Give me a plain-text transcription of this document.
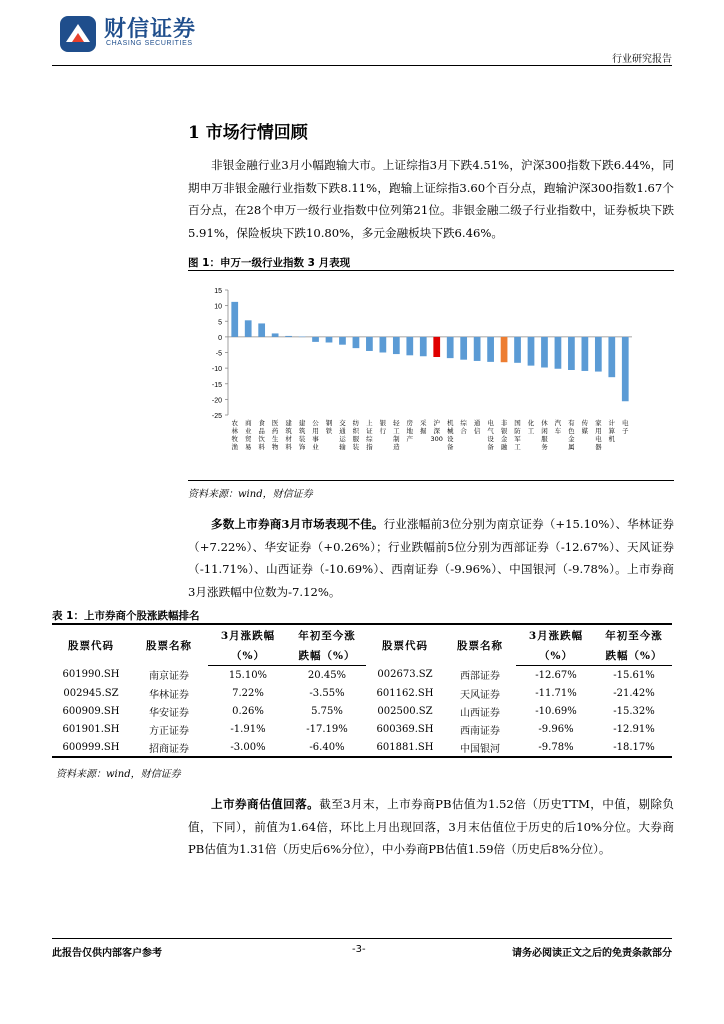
财信证券
CHASING SECURITIES
行业研究报告
1 市场行情回顾
非银金融行业3月小幅跑输大市。上证综指3月下跌4.51%，沪深300指数下跌6.44%，同期申万非银金融行业指数下跌8.11%，跑输上证综指3.60个百分点，跑输沪深300指数1.67个百分点，在28个申万一级行业指数中位列第21位。非银金融二级子行业指数中，证券板块下跌5.91%，保险板块下跌10.80%，多元金融板块下跌6.46%。
图 1：申万一级行业指数 3 月表现
15
10
5
0
-5
-10
-15
-20
-25
农林牧渔
商业贸易
食品饮料
医药生物
建筑材料
建筑装饰
公用事业
钢铁
交通运输
纺织服装
上证综指
银行
轻工制造
房地产
采掘
沪深 300
机械设备
综合
通信
电气设备
非银金融
国防军工
化工
休闲服务
汽车
有色金属
传媒
家用电器
计算机
电子
资料来源：wind，财信证券
多数上市券商3月市场表现不佳。行业涨幅前3位分别为南京证券（+15.10%）、华林证券（+7.22%）、华安证券（+0.26%）；行业跌幅前5位分别为西部证券（-12.67%）、天风证券（-11.71%）、山西证券（-10.69%）、西南证券（-9.96%）、中国银河（-9.78%）。上市券商3月涨跌幅中位数为-7.12%。
表 1：上市券商个股涨跌幅排名
股票代码	股票名称	3月涨跌幅	年初至今涨	股票代码	股票名称	3月涨跌幅	年初至今涨
		（%）	跌幅（%）			（%）	跌幅（%）
601990.SH	南京证券	15.10%	20.45%	002673.SZ	西部证券	-12.67%	-15.61%
002945.SZ	华林证券	7.22%	-3.55%	601162.SH	天风证券	-11.71%	-21.42%
600909.SH	华安证券	0.26%	5.75%	002500.SZ	山西证券	-10.69%	-15.32%
601901.SH	方正证券	-1.91%	-17.19%	600369.SH	西南证券	-9.96%	-12.91%
600999.SH	招商证券	-3.00%	-6.40%	601881.SH	中国银河	-9.78%	-18.17%
资料来源：wind，财信证券
上市券商估值回落。截至3月末，上市券商PB估值为1.52倍（历史TTM，中值，剔除负值，下同），前值为1.64倍，环比上月出现回落，3月末估值位于历史的后10%分位。大券商PB估值为1.31倍（历史后6%分位），中小券商PB估值1.59倍（历史后8%分位）。
此报告仅供内部客户参考	-3-	请务必阅读正文之后的免责条款部分
